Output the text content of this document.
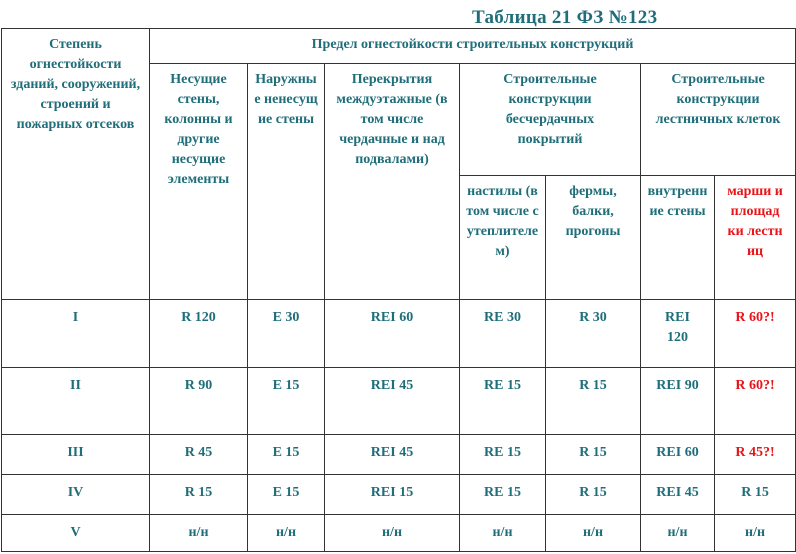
Таблица 21 ФЗ №123
Степень огнестойкости зданий, сооружений, строений и пожарных отсеков	Предел огнестойкости строительных конструкций						

	Несущие стены, колонны и другие несущие элементы	Наружные ненесущие стены	Перекрытия междуэтажные (в том числе чердачные и над подвалами)	Строительные конструкции бесчердачных покрытий		Строительные конструкции лестничных клеток	

				настилы (в том числе с утеплителем)	фермы, балки, прогоны	внутренние стены	марши и площадки лестниц

I	R 120	E 30	REI 60	RE 30	R 30	REI 120	R 60?!
II	R 90	E 15	REI 45	RE 15	R 15	REI 90	R 60?!
III	R 45	E 15	REI 45	RE 15	R 15	REI 60	R 45?!
IV	R 15	E 15	REI 15	RE 15	R 15	REI 45	R 15
V	н/н	н/н	н/н	н/н	н/н	н/н	н/н
